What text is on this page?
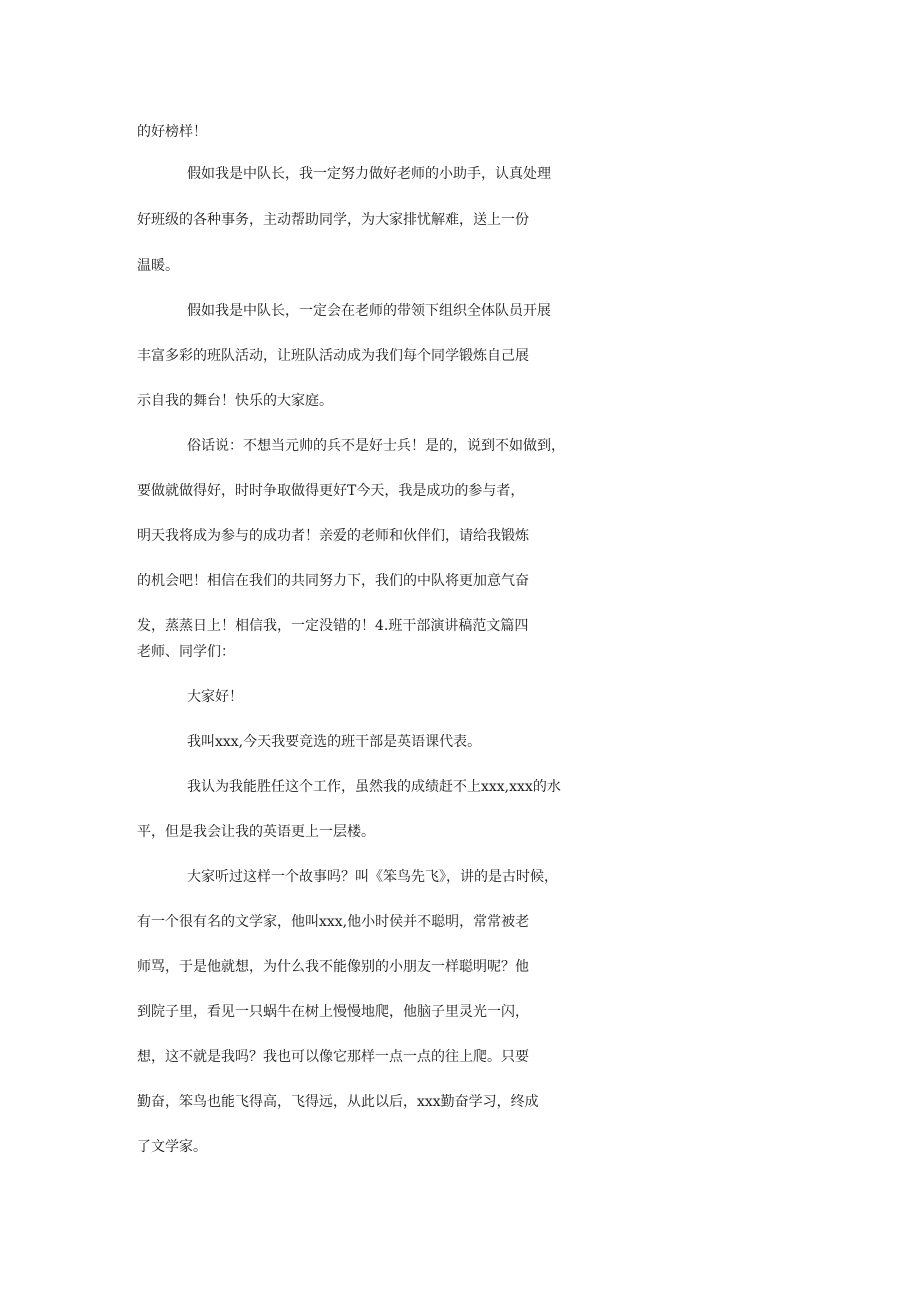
的好榜样！
假如我是中队长，我一定努力做好老师的小助手，认真处理
好班级的各种事务，主动帮助同学，为大家排忧解难，送上一份
温暖。
假如我是中队长，一定会在老师的带领下组织全体队员开展
丰富多彩的班队活动，让班队活动成为我们每个同学锻炼自己展
示自我的舞台！快乐的大家庭。
俗话说：不想当元帅的兵不是好士兵！是的，说到不如做到，
要做就做得好，时时争取做得更好T今天，我是成功的参与者，
明天我将成为参与的成功者！亲爱的老师和伙伴们，请给我锻炼
的机会吧！相信在我们的共同努力下，我们的中队将更加意气奋
发，蒸蒸日上！相信我，一定没错的！4.班干部演讲稿范文篇四
老师、同学们：
大家好！
我叫xxx,今天我要竞选的班干部是英语课代表。
我认为我能胜任这个工作，虽然我的成绩赶不上xxx,xxx的水
平，但是我会让我的英语更上一层楼。
大家听过这样一个故事吗？叫《笨鸟先飞》，讲的是古时候，
有一个很有名的文学家，他叫xxx,他小时侯并不聪明，常常被老
师骂，于是他就想，为什么我不能像别的小朋友一样聪明呢？他
到院子里，看见一只蜗牛在树上慢慢地爬，他脑子里灵光一闪，
想，这不就是我吗？我也可以像它那样一点一点的往上爬。只要
勤奋，笨鸟也能飞得高，飞得远，从此以后，xxx勤奋学习，终成
了文学家。
